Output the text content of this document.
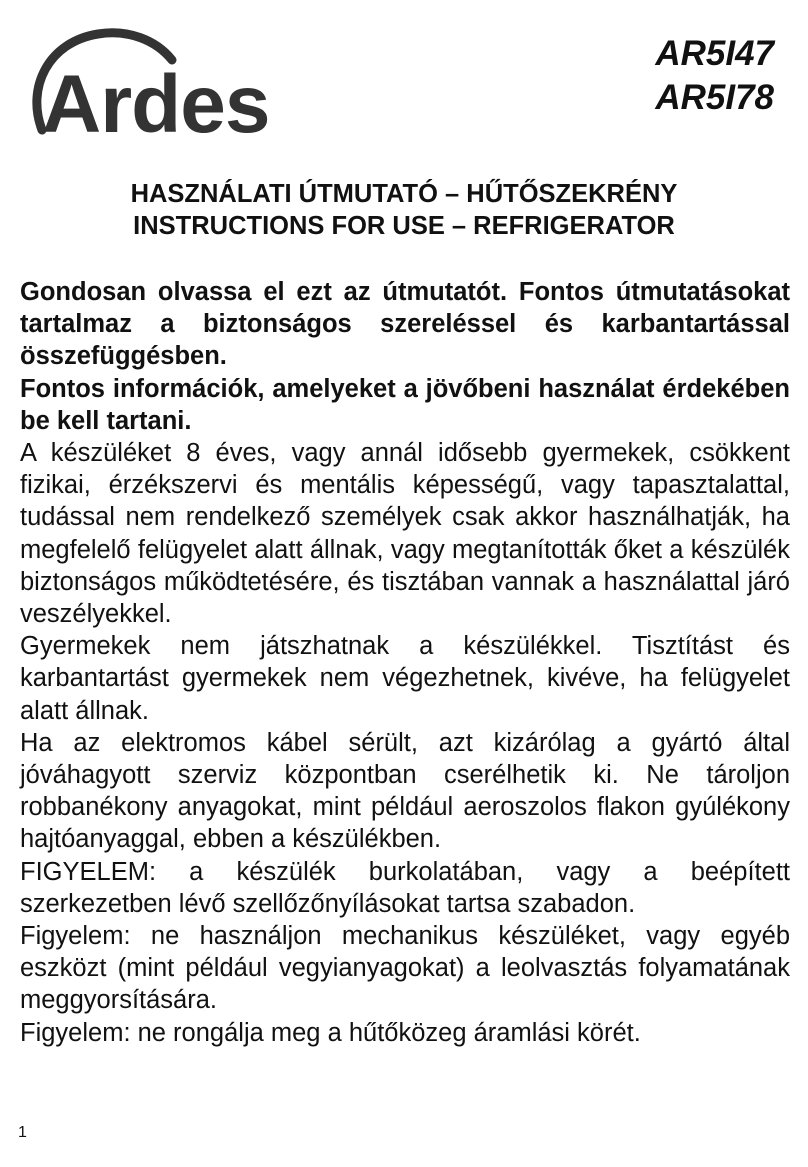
Ardes
AR5I47
AR5I78
HASZNÁLATI ÚTMUTATÓ – HŰTŐSZEKRÉNY
INSTRUCTIONS FOR USE – REFRIGERATOR

Gondosan olvassa el ezt az útmutatót. Fontos útmutatásokat tartalmaz a biztonságos szereléssel és karbantartással összefüggésben.

Fontos információk, amelyeket a jövőbeni használat érdekében be kell tartani.

A készüléket 8 éves, vagy annál idősebb gyermekek, csökkent fizikai, érzékszervi és mentális képességű, vagy tapasztalattal, tudással nem rendelkező személyek csak akkor használhatják, ha megfelelő felügyelet alatt állnak, vagy megtanították őket a készülék biztonságos működtetésére, és tisztában vannak a használattal járó veszélyekkel.

Gyermekek nem játszhatnak a készülékkel. Tisztítást és karbantartást gyermekek nem végezhetnek, kivéve, ha felügyelet alatt állnak.

Ha az elektromos kábel sérült, azt kizárólag a gyártó által jóváhagyott szerviz központban cserélhetik ki. Ne tároljon robbanékony anyagokat, mint például aeroszolos flakon gyúlékony hajtóanyaggal, ebben a készülékben.

FIGYELEM: a készülék burkolatában, vagy a beépített szerkezetben lévő szellőzőnyílásokat tartsa szabadon.

Figyelem: ne használjon mechanikus készüléket, vagy egyéb eszközt (mint például vegyianyagokat) a leolvasztás folyamatának meggyorsítására.

Figyelem: ne rongálja meg a hűtőközeg áramlási körét.

1
